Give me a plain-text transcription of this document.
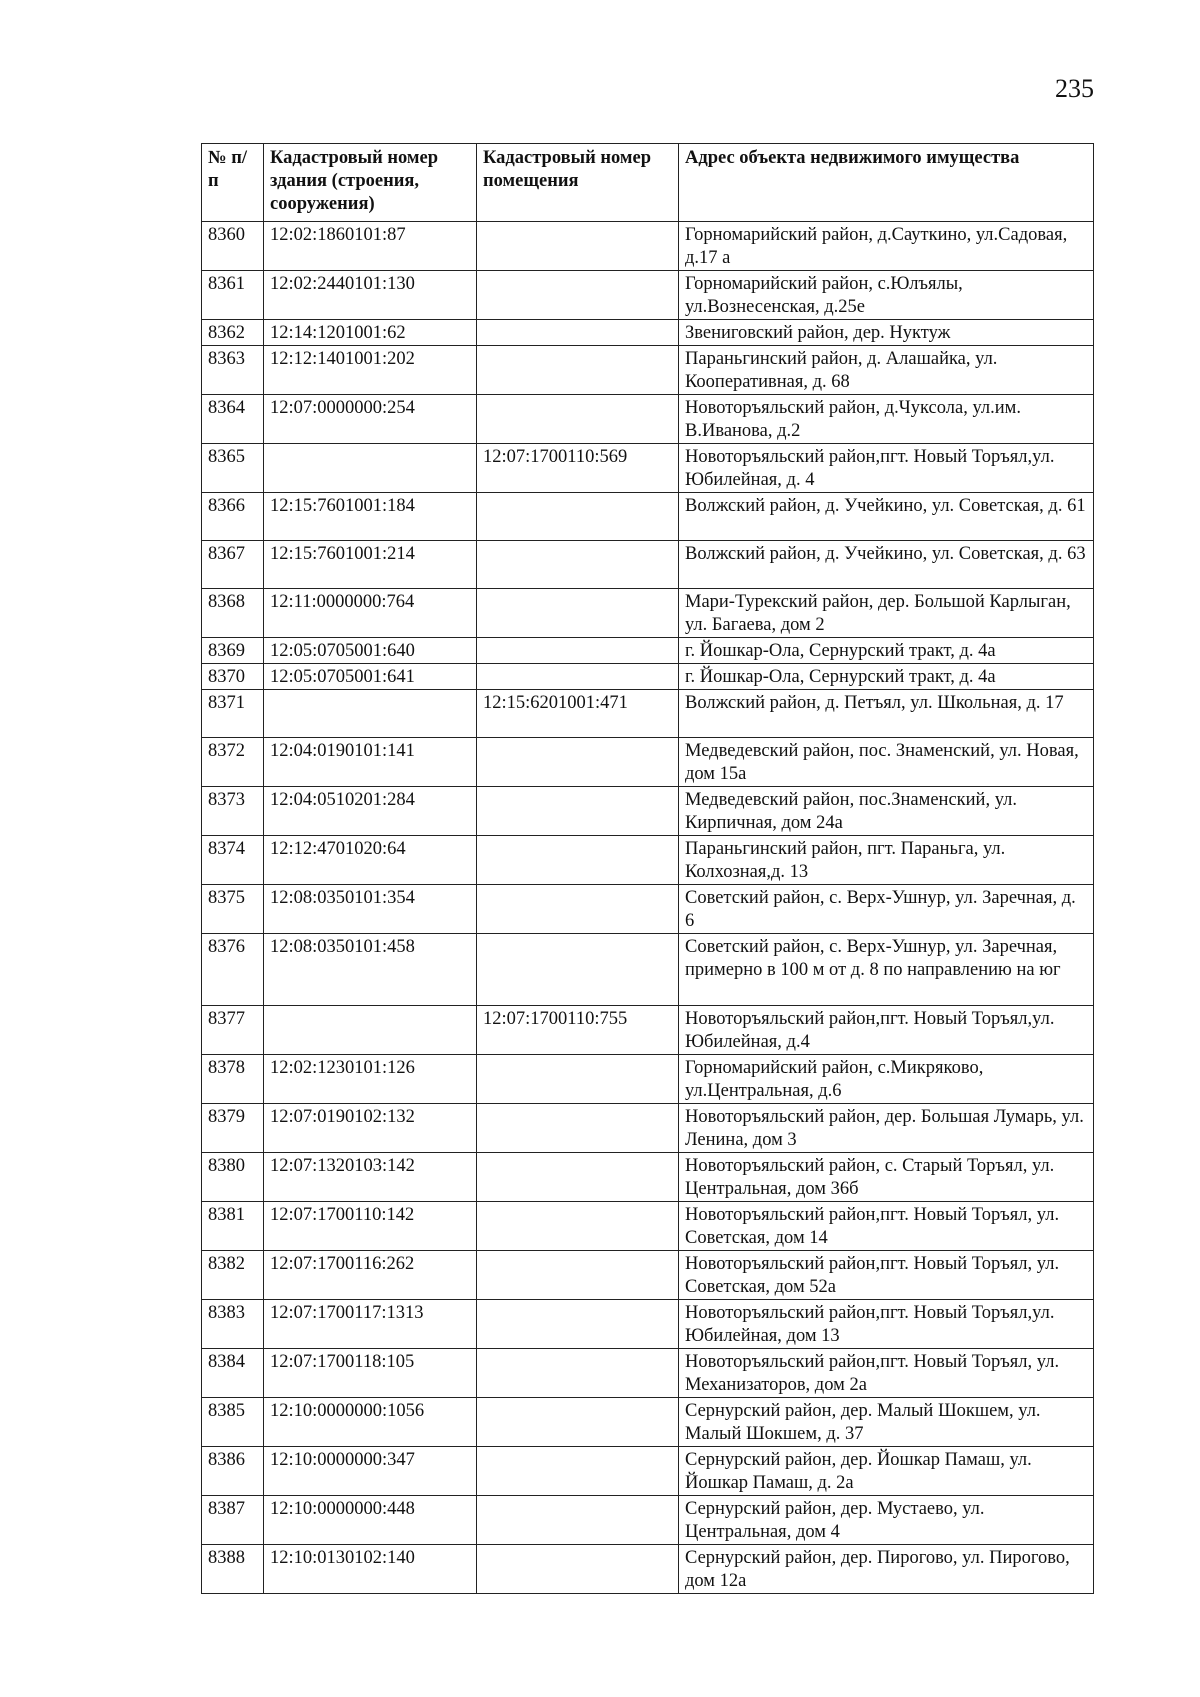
235
№ п/п	Кадастровый номер здания (строения, сооружения)	Кадастровый номер помещения	Адрес объекта недвижимого имущества
8360	12:02:1860101:87		Горномарийский район, д.Сауткино, ул.Садовая, д.17 а
8361	12:02:2440101:130		Горномарийский район, с.Юлъялы, ул.Вознесенская, д.25е
8362	12:14:1201001:62		Звениговский район, дер. Нуктуж
8363	12:12:1401001:202		Параньгинский район, д. Алашайка, ул. Кооперативная, д. 68
8364	12:07:0000000:254		Новоторъяльский район, д.Чуксола, ул.им. В.Иванова, д.2
8365		12:07:1700110:569	Новоторъяльский район,пгт. Новый Торъял,ул. Юбилейная, д. 4
8366	12:15:7601001:184		Волжский район, д. Учейкино, ул. Советская, д. 61
8367	12:15:7601001:214		Волжский район, д. Учейкино, ул. Советская, д. 63
8368	12:11:0000000:764		Мари-Турекский район, дер. Большой Карлыган, ул. Багаева, дом 2
8369	12:05:0705001:640		г. Йошкар-Ола, Сернурский тракт, д. 4а
8370	12:05:0705001:641		г. Йошкар-Ола, Сернурский тракт, д. 4а
8371		12:15:6201001:471	Волжский район, д. Петъял, ул. Школьная, д. 17
8372	12:04:0190101:141		Медведевский район, пос. Знаменский, ул. Новая, дом 15а
8373	12:04:0510201:284		Медведевский район, пос.Знаменский, ул. Кирпичная, дом 24а
8374	12:12:4701020:64		Параньгинский район, пгт. Параньга, ул. Колхозная,д. 13
8375	12:08:0350101:354		Советский район, с. Верх-Ушнур, ул. Заречная, д. 6
8376	12:08:0350101:458		Советский район, с. Верх-Ушнур, ул. Заречная, примерно в 100 м от д. 8 по направлению на юг
8377		12:07:1700110:755	Новоторъяльский район,пгт. Новый Торъял,ул. Юбилейная, д.4
8378	12:02:1230101:126		Горномарийский район, с.Микряково, ул.Центральная, д.6
8379	12:07:0190102:132		Новоторъяльский район, дер. Большая Лумарь, ул. Ленина, дом 3
8380	12:07:1320103:142		Новоторъяльский район, с. Старый Торъял, ул. Центральная, дом 36б
8381	12:07:1700110:142		Новоторъяльский район,пгт. Новый Торъял, ул. Советская, дом 14
8382	12:07:1700116:262		Новоторъяльский район,пгт. Новый Торъял, ул. Советская, дом 52а
8383	12:07:1700117:1313		Новоторъяльский район,пгт. Новый Торъял,ул. Юбилейная, дом 13
8384	12:07:1700118:105		Новоторъяльский район,пгт. Новый Торъял, ул. Механизаторов, дом 2а
8385	12:10:0000000:1056		Сернурский район, дер. Малый Шокшем, ул. Малый Шокшем, д. 37
8386	12:10:0000000:347		Сернурский район, дер. Йошкар Памаш, ул. Йошкар Памаш, д. 2а
8387	12:10:0000000:448		Сернурский район, дер. Мустаево, ул. Центральная, дом 4
8388	12:10:0130102:140		Сернурский район, дер. Пирогово, ул. Пирогово, дом 12а
